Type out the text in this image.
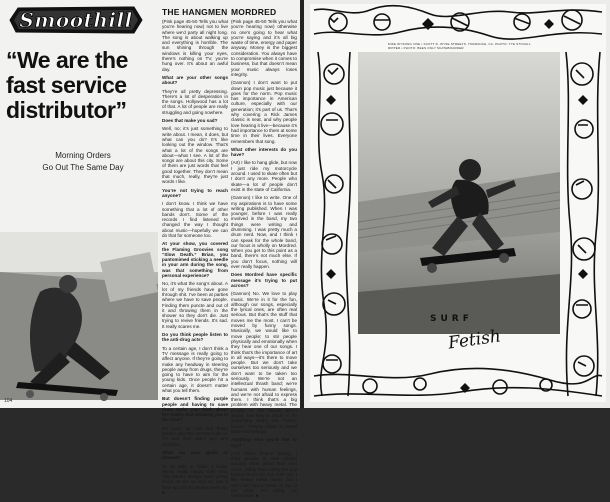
Smoothill
“We are the fast service distributor”
Morning Orders
Go Out The Same Day
104
THE HANGMEN

(Pink page 45-50 Tells you what you’re hearing now) not to live where we’d party all night long. The song is about walking up and everything is horrible. The sun shining through the windows is killing your eyes, there’s nothing on TV, you’re hung over. It’s about an awful day.

What are your other songs about?

They’re all pretty depressing. There’s a lot of desperation in the songs. Hollywood has a lot of that. A lot of people are really struggling and going nowhere.

Does that make you sad?

Well, no; it’s just something to write about. I mean, it does, but what can you do? It’s like looking out the window. That’s what a lot of the songs are about—what I see. A lot of the songs are about this city. Some of them are just words that feel good together. They don’t mean that much, really, they’re just words I like.

You’re not trying to reach anyone?

I don’t know. I think we have something that a lot of other bands don’t. Some of the records I find listened to changed the way I thought about music—hopefully we can do that for someone too.

At your show, you covered the Flaming Groovies song “Slow Death.” Brian, you pantomimed sticking a needle in your arm during the song, was that something from personal experience?

No, it’s what the song’s about. A lot of my friends have gone through shit. I’ve been at parties where we have to save people. Finding them puncte and out of it and throwing them in the shower so they don’t die. Just trying to revive friends. It’s sad. It really scares me.

Do you think people listen to the anti-drug acts?

To a certain age, I don’t think a TV message is really going to affect anyone. If they’re going to make any headway in steering people away from drugs, they’re going to have to aim for the young kids. Once people hit a certain age, it doesn’t matter what you tell them.

But doesn’t finding purple people and having to save them make you think about the reality that drinking you in the face?

It’s scary as hell. But those people saw the commercials on TV and they didn’t pay any attention.

What are your goals or dreams?

To be able to make a living. We’re really happy right now. The band’s always been pretty much on the up and up, just a slow up, but it’s always been up. ■

MORDRED

(Pink page 45-50 Tells you what you’re hearing now) otherwise no one’s going to hear what you’re saying and it’s all big waste of time, energy and paper anyway. Money is the biggest consideration. You always have to compromise when it comes to business, but that doesn’t mean your music always loses integrity.

(Gannon) I don’t want to put down pop music just because it goes for the norm. Pop music has importance in American culture, especially with our generation; it’s part of us. That’s why covering a Rick James classic is neat, and why people love hearing it live—because it’s had importance to them at some time in their lives. Everyone remembers that song.

What other interests do you have?

(Art) I like to hang glide, but now I just ride my motorcycle around. I used to skate often but I don’t any more. People who skate—a lot of people don’t exist in the state of California.

(Gannon) I like to write. One of my aspirations is to have some writing published. When I was younger, before I was really involved in the band, my two things were writing and drumming. I was pretty much a drum nerd. Now, and I think I can speak for the whole band, our focus is wholly on Mordred. When you get to this point as a band, there’s not much else. If you don’t focus, nothing will ever really happen.

Does Mordred have specific message it’s trying to put across?

(Gannon) No. We love to play music. We’re in it for the fun, although our songs, especially the lyrical ones, are often real serious. But that’s the stuff that moves me the most. I can’t be moved by funny songs. Musically, we would like to move people; to stir people physically and emotionally when they hear one of our songs. I think that’s the importance of art in all ways—it’s there to move people. But we don’t take ourselves too seriously and we don’t want to be taken too seriously. We’re not an intellectual thrash band; we’re humans with human feelings, and we’re not afraid to express them. I think that’s a big problem with heavy metal. The people in the bands aren’t stupid, but they’re afraid to do something that’s not “fuckin’ heavy.” They’re afraid to reveal their real feelings.

Anything else you’d like to say?

(Art) When they’re driving, I think people in cars should actually think about their next move, rather than letting the guy behind them run into their car. I like heavy metal music, but I don’t like heavy metal on top of me when I’m riding my motorcycle. ■

MIKE WYSONG ONE • SCOTT D. WYSE STREETS. TORRANCE, CA. PHOTO: TYE STOVALL RIPPER • PHOTO: BEES ONLY SKATEBOARDER
SURF
Fetish
